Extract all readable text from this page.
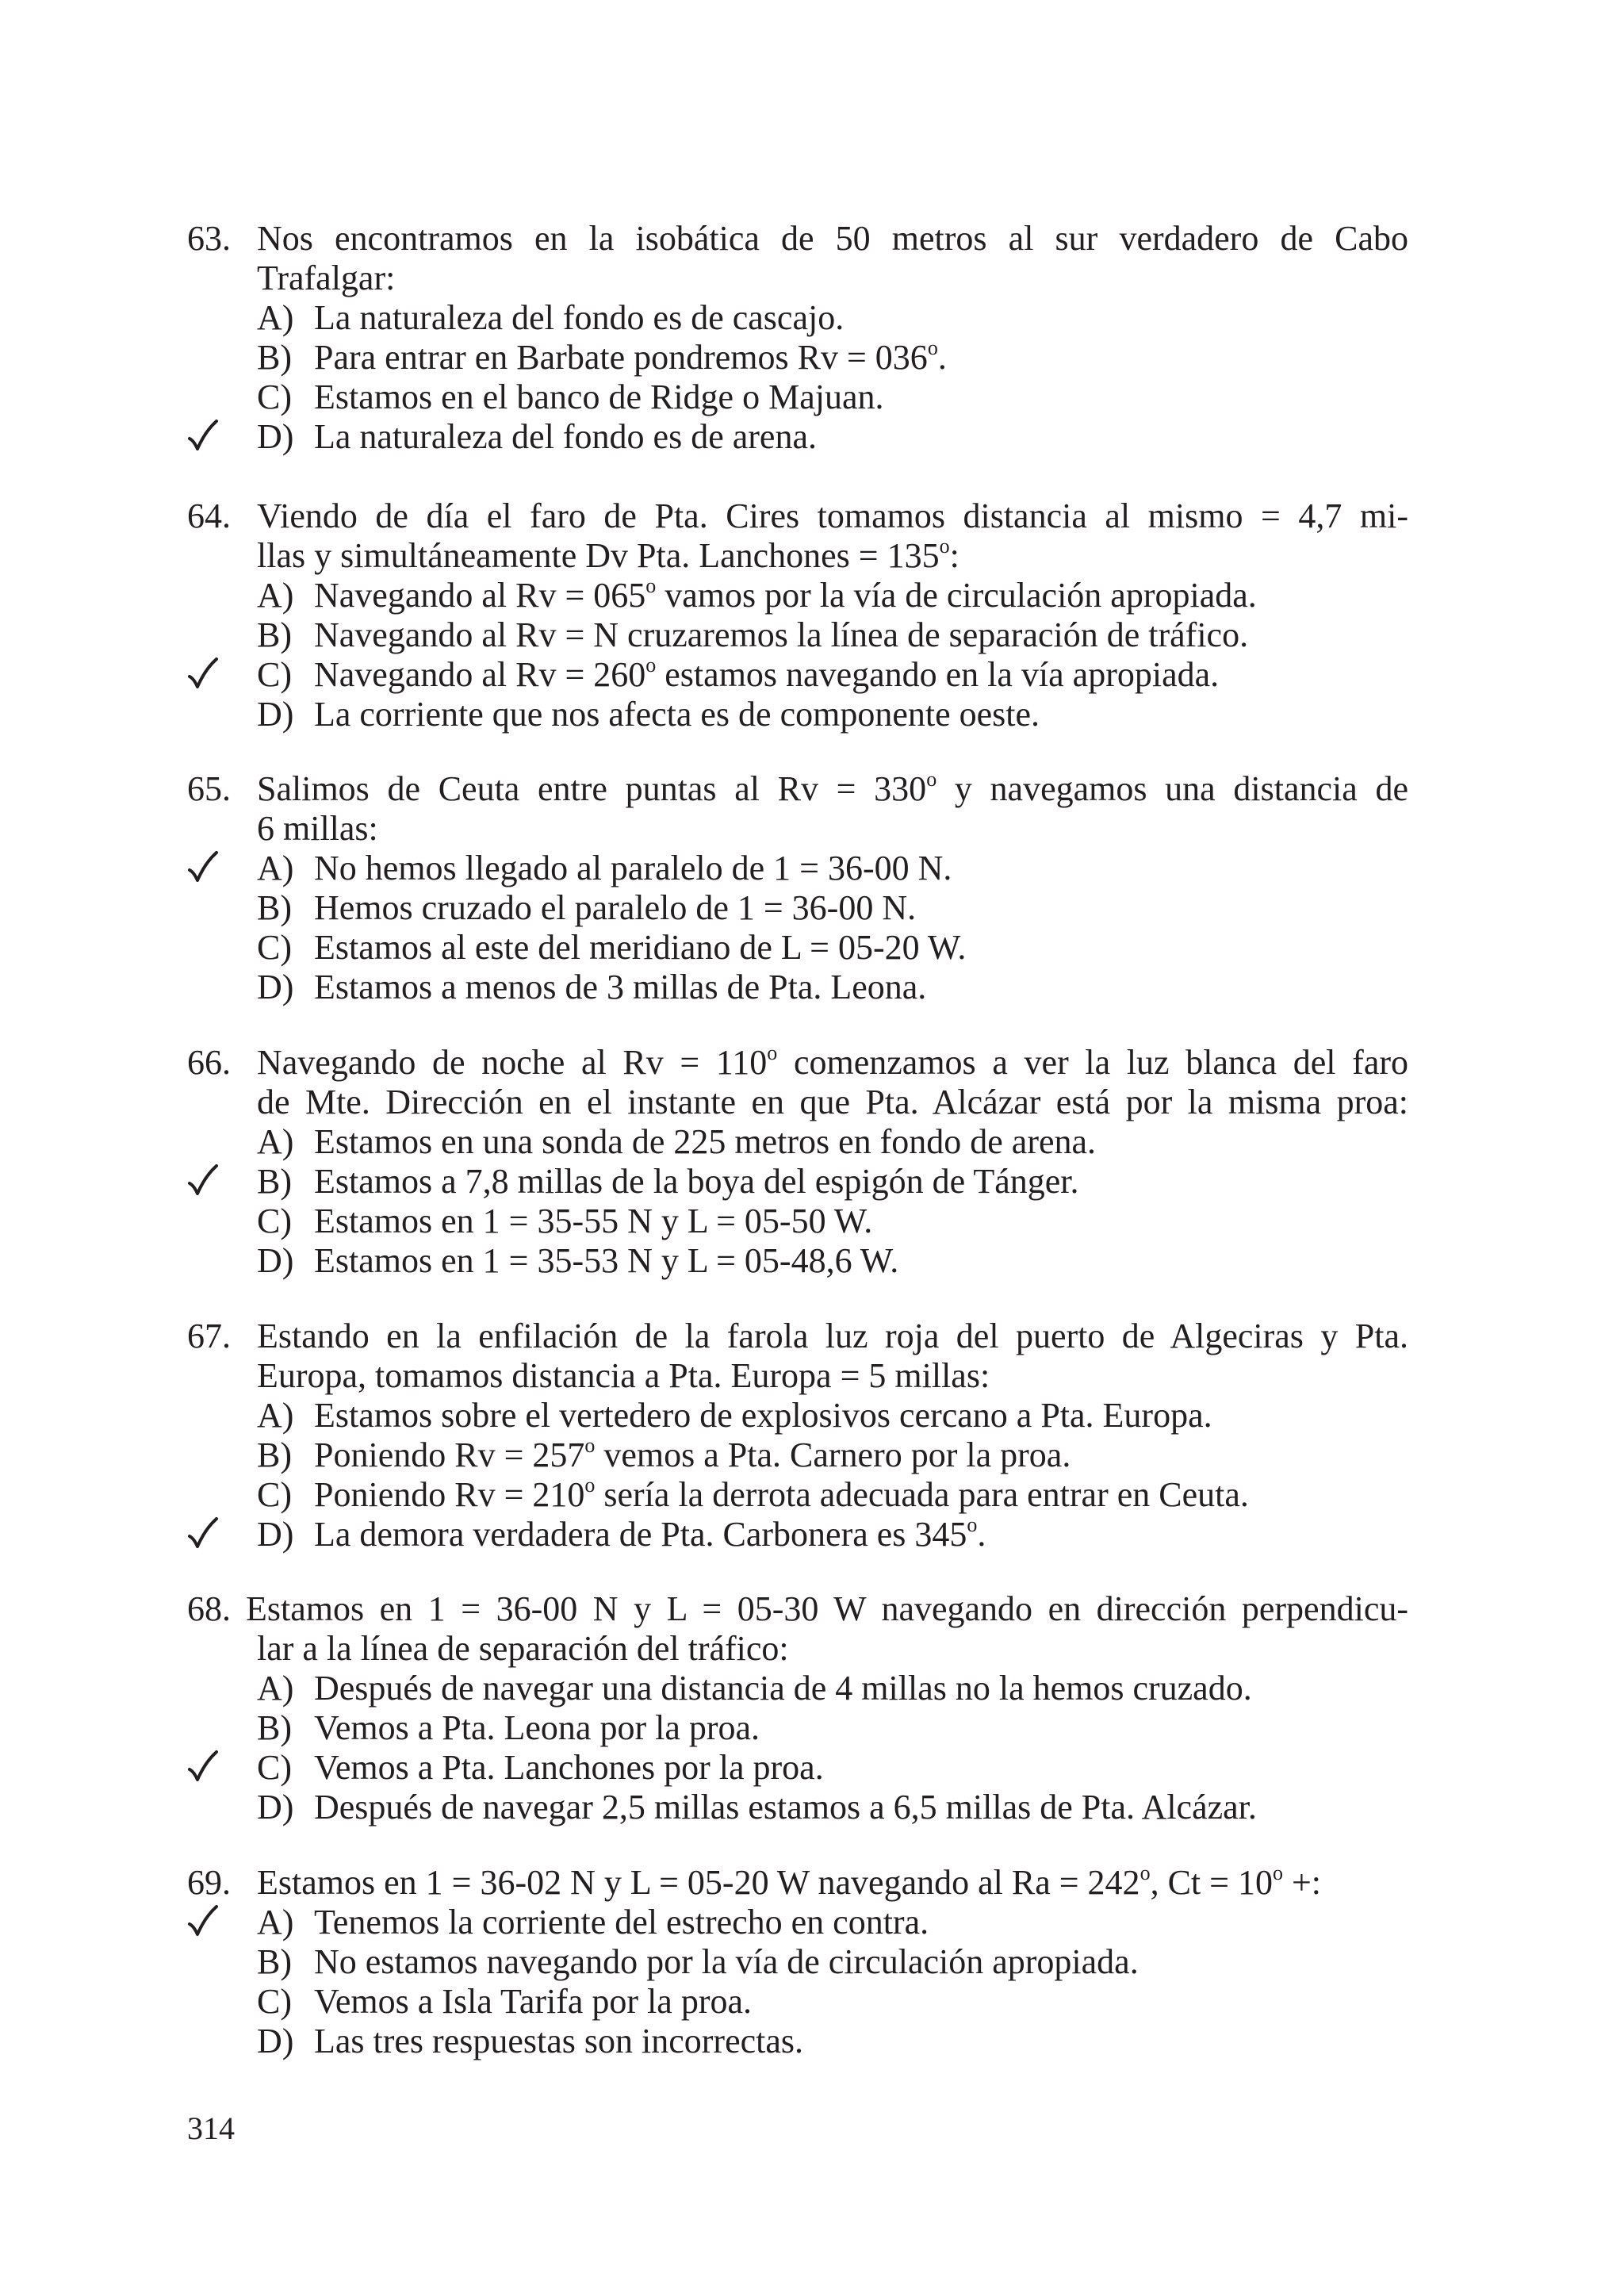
63. Nos encontramos en la isobática de 50 metros al sur verdadero de Cabo
Trafalgar:
A) La naturaleza del fondo es de cascajo.
B) Para entrar en Barbate pondremos $Rv = 036^o$.
C) Estamos en el banco de Ridge o Majuan.
D) La naturaleza del fondo es de arena.
64. Viendo de día el faro de Pta. Cires tomamos distancia al mismo = 4,7 mi-
llas y simultáneamente Dv Pta. Lanchones = $135^o$:
A) Navegando al $Rv = 065^o$ vamos por la vía de circulación apropiada.
B) Navegando al Rv = N cruzaremos la línea de separación de tráfico.
C) Navegando al $Rv = 260^o$ estamos navegando en la vía apropiada.
D) La corriente que nos afecta es de componente oeste.
65. Salimos de Ceuta entre puntas al $Rv = 330^o$ y navegamos una distancia de
6 millas:
A) No hemos llegado al paralelo de 1 = 36-00 N.
B) Hemos cruzado el paralelo de 1 = 36-00 N.
C) Estamos al este del meridiano de L = 05-20 W.
D) Estamos a menos de 3 millas de Pta. Leona.
66. Navegando de noche al $Rv = 110^o$ comenzamos a ver la luz blanca del faro
de Mte. Dirección en el instante en que Pta. Alcázar está por la misma proa:
A) Estamos en una sonda de 225 metros en fondo de arena.
B) Estamos a 7,8 millas de la boya del espigón de Tánger.
C) Estamos en 1 = 35-55 N y L = 05-50 W.
D) Estamos en 1 = 35-53 N y L = 05-48,6 W.
67. Estando en la enfilación de la farola luz roja del puerto de Algeciras y Pta.
Europa, tomamos distancia a Pta. Europa = 5 millas:
A) Estamos sobre el vertedero de explosivos cercano a Pta. Europa.
B) Poniendo $Rv = 257^o$ vemos a Pta. Carnero por la proa.
C) Poniendo $Rv = 210^o$ sería la derrota adecuada para entrar en Ceuta.
D) La demora verdadera de Pta. Carbonera es 345$^o$.
68. Estamos en 1 = 36-00 N y L = 05-30 W navegando en dirección perpendicu-
lar a la línea de separación del tráfico:
A) Después de navegar una distancia de 4 millas no la hemos cruzado.
B) Vemos a Pta. Leona por la proa.
C) Vemos a Pta. Lanchones por la proa.
D) Después de navegar 2,5 millas estamos a 6,5 millas de Pta. Alcázar.
69. Estamos en 1 = 36-02 N y L = 05-20 W navegando al $Ra = 242^o$, $Ct = 10^o$ +:
A) Tenemos la corriente del estrecho en contra.
B) No estamos navegando por la vía de circulación apropiada.
C) Vemos a Isla Tarifa por la proa.
D) Las tres respuestas son incorrectas.
314
